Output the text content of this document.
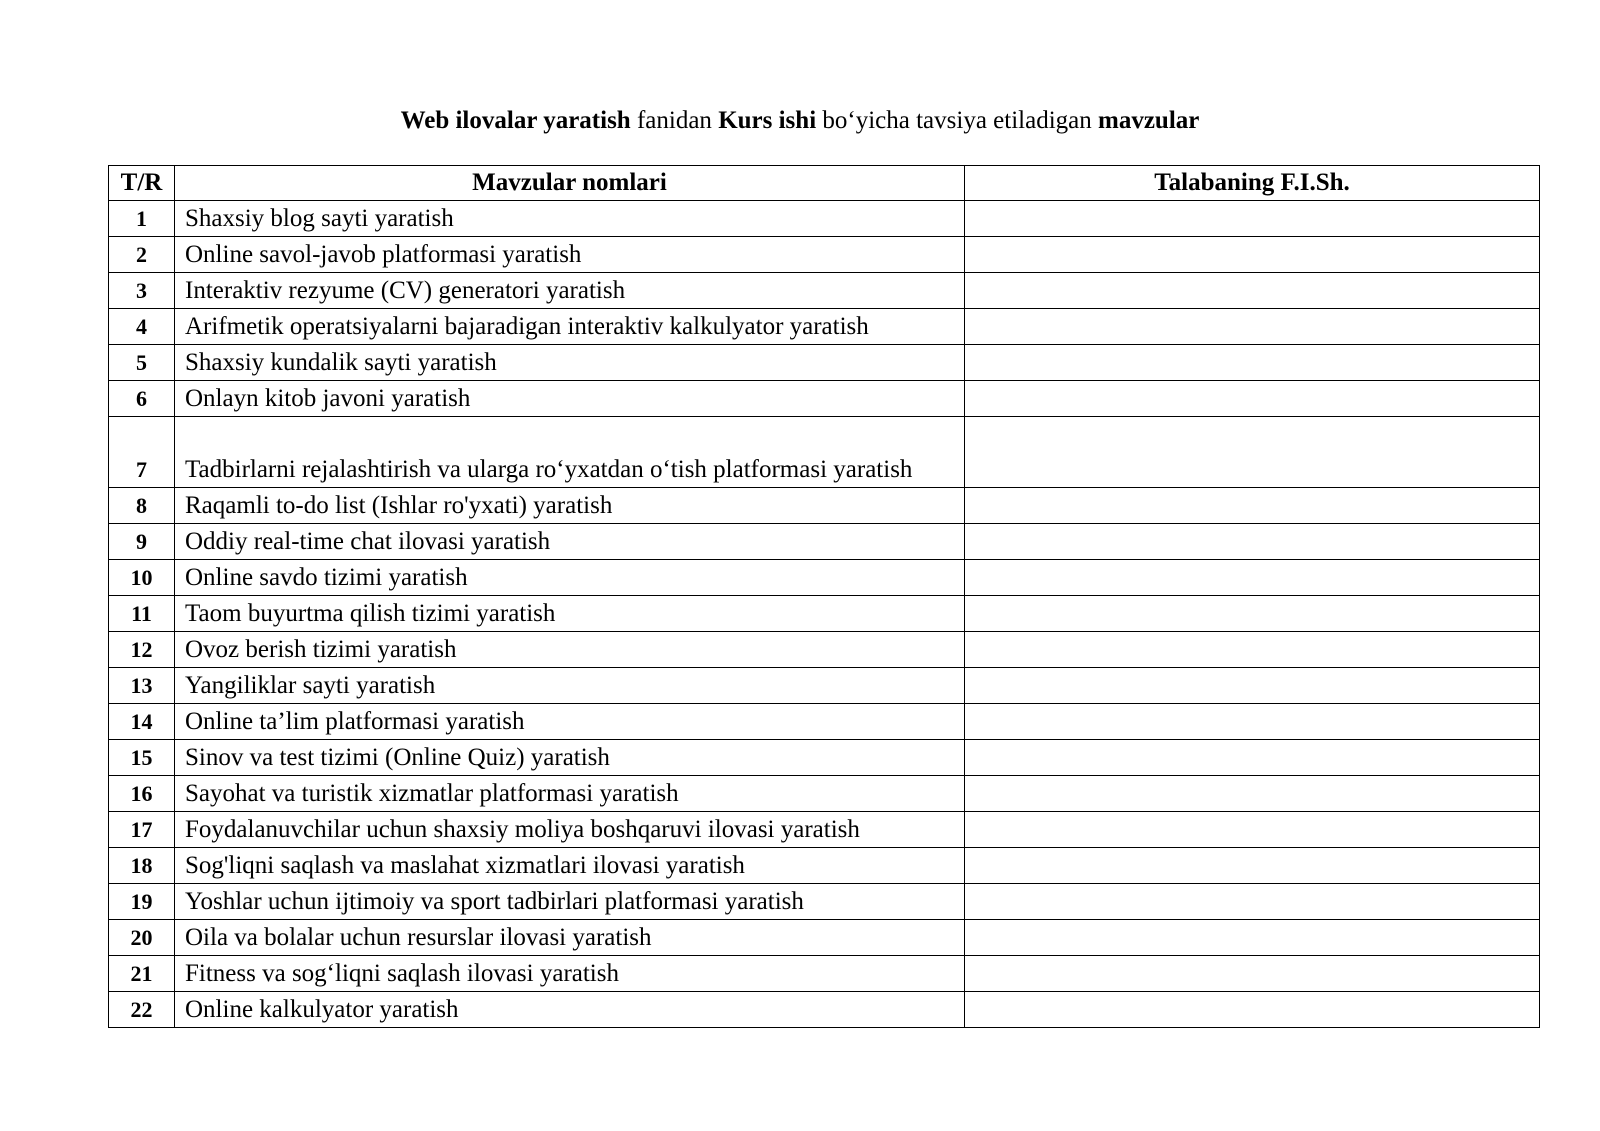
Web ilovalar yaratish fanidan Kurs ishi bo‘yicha tavsiya etiladigan mavzular
T/R	Mavzular nomlari	Talabaning F.I.Sh.
1	Shaxsiy blog sayti yaratish	
2	Online savol-javob platformasi yaratish	
3	Interaktiv rezyume (CV) generatori yaratish	
4	Arifmetik operatsiyalarni bajaradigan interaktiv kalkulyator yaratish	
5	Shaxsiy kundalik sayti yaratish	
6	Onlayn kitob javoni yaratish	
7	Tadbirlarni rejalashtirish va ularga ro‘yxatdan o‘tish platformasi yaratish	
8	Raqamli to-do list (Ishlar ro'yxati) yaratish	
9	Oddiy real-time chat ilovasi yaratish	
10	Online savdo tizimi yaratish	
11	Taom buyurtma qilish tizimi yaratish	
12	Ovoz berish tizimi yaratish	
13	Yangiliklar sayti yaratish	
14	Online ta’lim platformasi yaratish	
15	Sinov va test tizimi (Online Quiz) yaratish	
16	Sayohat va turistik xizmatlar platformasi yaratish	
17	Foydalanuvchilar uchun shaxsiy moliya boshqaruvi ilovasi yaratish	
18	Sog'liqni saqlash va maslahat xizmatlari ilovasi yaratish	
19	Yoshlar uchun ijtimoiy va sport tadbirlari platformasi yaratish	
20	Oila va bolalar uchun resurslar ilovasi yaratish	
21	Fitness va sog‘liqni saqlash ilovasi yaratish	
22	Online kalkulyator yaratish	
